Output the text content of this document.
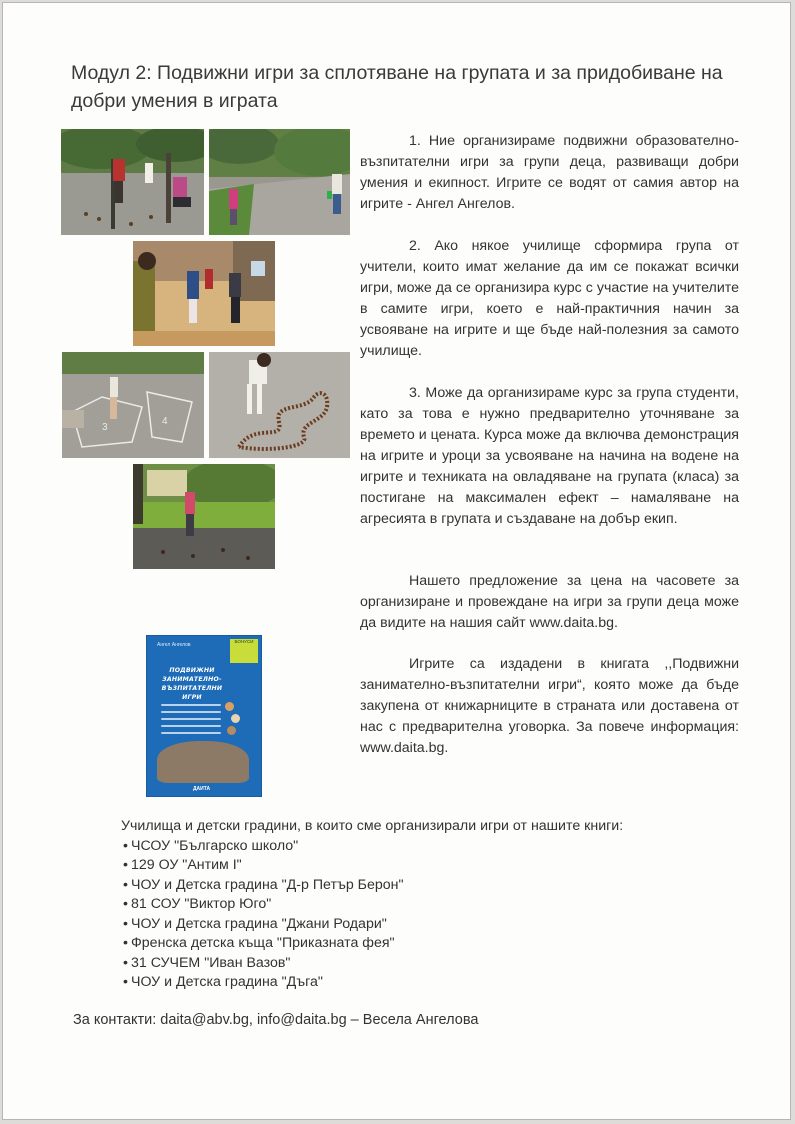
Модул 2: Подвижни игри за сплотяване на групата и за придобиване на добри умения в играта
4
3

1. Ние организираме подвижни образователно-възпитателни игри за групи деца, развиващи добри умения и екипност. Игрите се водят от самия автор на игрите - Ангел Ангелов.

2. Ако някое училище сформира група от учители, които имат желание да им се покажат всички игри, може да се организира курс с участие на учителите в самите игри, което е най-практичния начин за усвояване на игрите и ще бъде най-полезния за самото училище.

3. Може да организираме курс за група студенти, като за това е нужно предварително уточняване за времето и цената. Курса може да включва демонстрация на игрите и уроци за усвояване на начина на водене на игрите и техниката на овладяване на групата (класа) за постигане на максимален ефект – намаляване на агресията в групата и създаване на добър екип.

Нашето предложение за цена на часовете за организиране и провеждане на игри за групи деца може да видите на нашия сайт www.daita.bg.

Игрите са издадени в книгата ,,Подвижни занимателно-възпитателни игри“, която може да бъде закупена от книжарниците в страната или доставена от нас с предварителна уговорка. За повече информация: www.daita.bg.

Ангел Ангелов
БОНУСИ
ПОДВИЖНИ ЗАНИМАТЕЛНО-ВЪЗПИТАТЕЛНИ ИГРИ
ДАИТА
Училища и детски градини, в които сме организирали игри от нашите книги:
• ЧСОУ "Българско школо"
• 129 ОУ "Антим I"
• ЧОУ и Детска градина "Д-р Петър Берон"
• 81 СОУ "Виктор Юго"
• ЧОУ и Детска градина "Джани Родари"
• Френска детска къща "Приказната фея"
• 31 СУЧЕМ "Иван Вазов"
• ЧОУ и Детска градина "Дъга"
За контакти: daita@abv.bg, info@daita.bg – Весела Ангелова
